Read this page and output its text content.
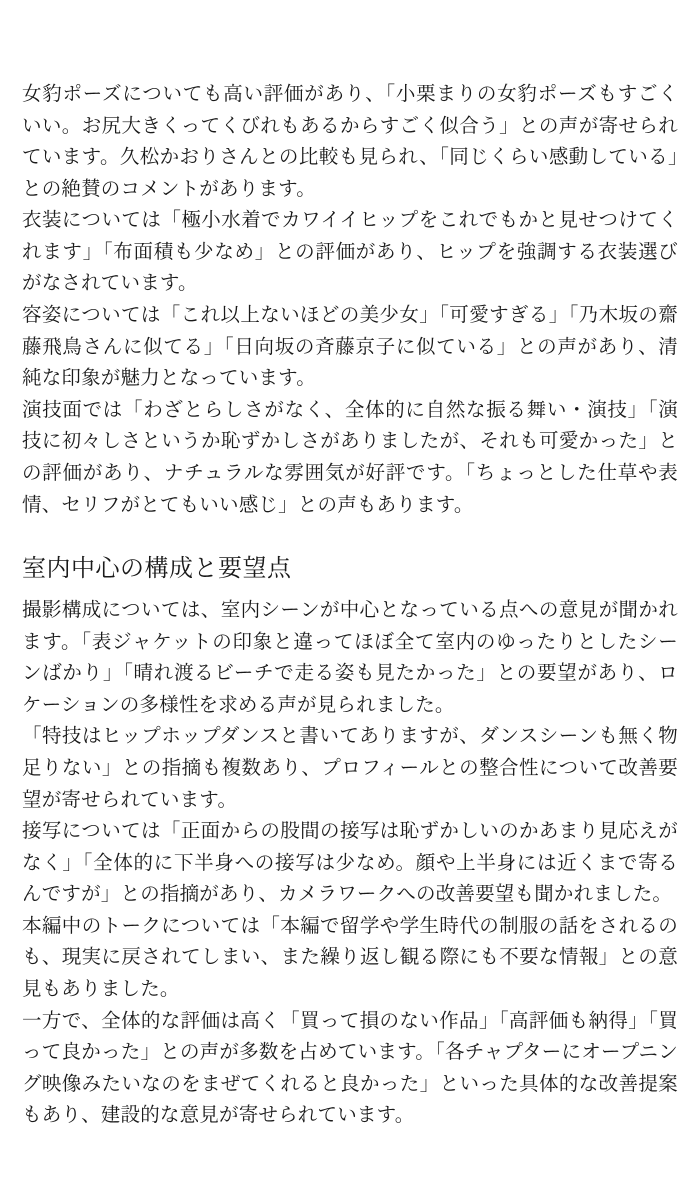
女豹ポーズについても高い評価があり、「小栗まりの女豹ポーズもすごくいい。お尻大きくってくびれもあるからすごく似合う」との声が寄せられています。久松かおりさんとの比較も見られ、「同じくらい感動している」との絶賛のコメントがあります。

衣装については「極小水着でカワイイヒップをこれでもかと見せつけてくれます」「布面積も少なめ」との評価があり、ヒップを強調する衣装選びがなされています。

容姿については「これ以上ないほどの美少女」「可愛すぎる」「乃木坂の齋藤飛鳥さんに似てる」「日向坂の斉藤京子に似ている」との声があり、清純な印象が魅力となっています。

演技面では「わざとらしさがなく、全体的に自然な振る舞い・演技」「演技に初々しさというか恥ずかしさがありましたが、それも可愛かった」との評価があり、ナチュラルな雰囲気が好評です。「ちょっとした仕草や表情、セリフがとてもいい感じ」との声もあります。

室内中心の構成と要望点

撮影構成については、室内シーンが中心となっている点への意見が聞かれます。「表ジャケットの印象と違ってほぼ全て室内のゆったりとしたシーンばかり」「晴れ渡るビーチで走る姿も見たかった」との要望があり、ロケーションの多様性を求める声が見られました。

「特技はヒップホップダンスと書いてありますが、ダンスシーンも無く物足りない」との指摘も複数あり、プロフィールとの整合性について改善要望が寄せられています。

接写については「正面からの股間の接写は恥ずかしいのかあまり見応えがなく」「全体的に下半身への接写は少なめ。顔や上半身には近くまで寄るんですが」との指摘があり、カメラワークへの改善要望も聞かれました。

本編中のトークについては「本編で留学や学生時代の制服の話をされるのも、現実に戻されてしまい、また繰り返し観る際にも不要な情報」との意見もありました。

一方で、全体的な評価は高く「買って損のない作品」「高評価も納得」「買って良かった」との声が多数を占めています。「各チャプターにオープニング映像みたいなのをまぜてくれると良かった」といった具体的な改善提案もあり、建設的な意見が寄せられています。
